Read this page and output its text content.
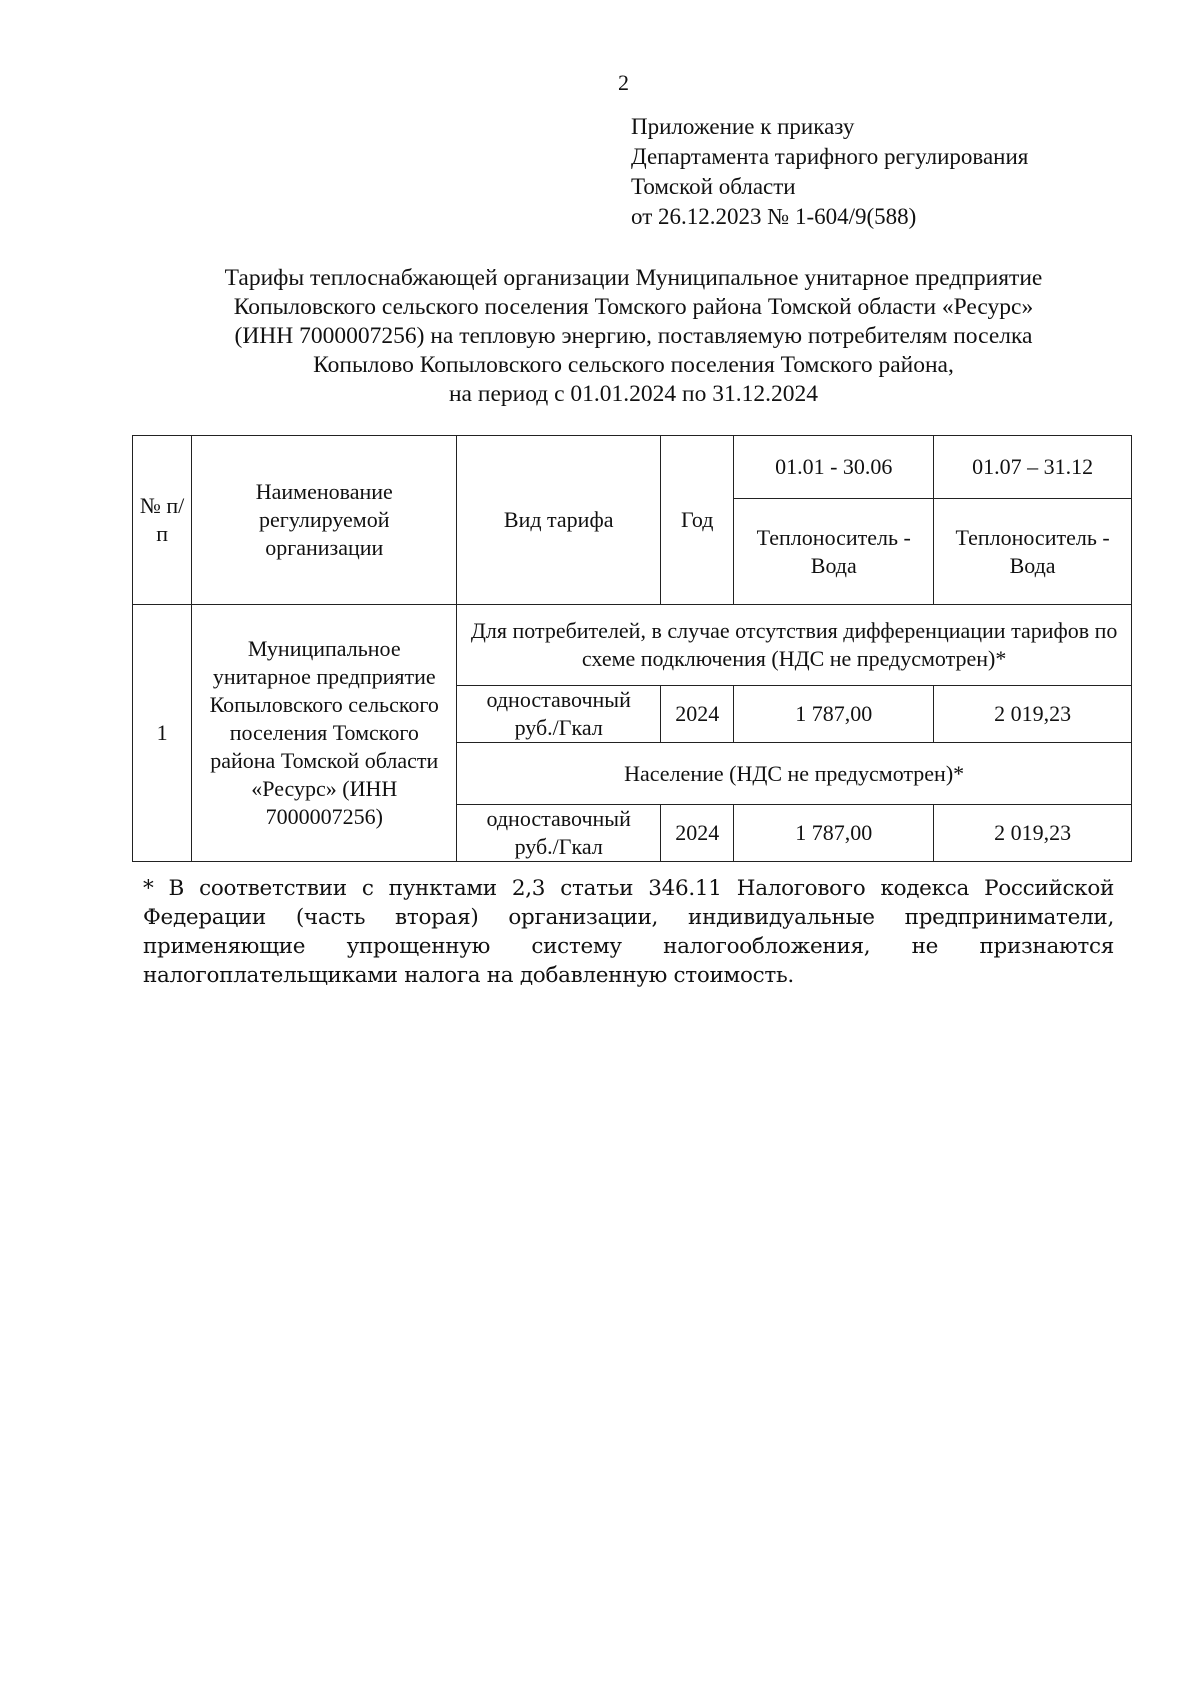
2
Приложение к приказу
Департамента тарифного регулирования
Томской области
от 26.12.2023 № 1-604/9(588)
Тарифы теплоснабжающей организации Муниципальное унитарное предприятие
Копыловского сельского поселения Томского района Томской области «Ресурс»
(ИНН 7000007256) на тепловую энергию, поставляемую потребителям поселка
Копылово Копыловского сельского поселения Томского района,
на период с 01.01.2024 по 31.12.2024
№ п/п	Наименование регулируемой организации	Вид тарифа	Год	01.01 - 30.06	01.07 – 31.12
				Теплоноситель - Вода	Теплоноситель - Вода
1	Муниципальное унитарное предприятие Копыловского сельского поселения Томского района Томской области «Ресурс» (ИНН 7000007256)	Для потребителей, в случае отсутствия дифференциации тарифов по схеме подключения (НДС не предусмотрен)*			
		одноставочный руб./Гкал	2024	1 787,00	2 019,23
		Население (НДС не предусмотрен)*			
		одноставочный руб./Гкал	2024	1 787,00	2 019,23
* В соответствии с пунктами 2,3 статьи 346.11 Налогового кодекса Российской Федерации (часть вторая) организации, индивидуальные предприниматели, применяющие упрощенную систему налогообложения, не признаются налогоплательщиками налога на добавленную стоимость.
